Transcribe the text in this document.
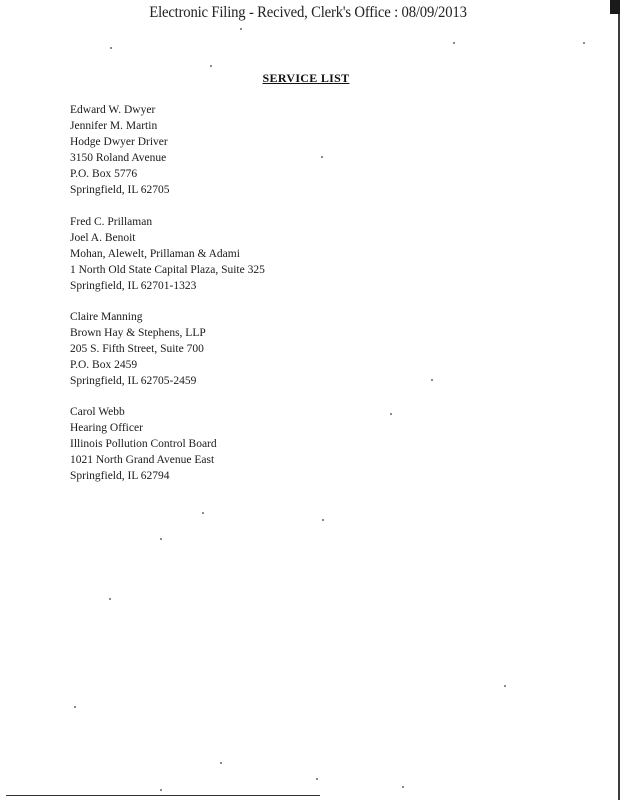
Electronic Filing - Recived, Clerk's Office : 08/09/2013
SERVICE LIST
Edward W. Dwyer
Jennifer M. Martin
Hodge Dwyer Driver
3150 Roland Avenue
P.O. Box 5776
Springfield, IL 62705
Fred C. Prillaman
Joel A. Benoit
Mohan, Alewelt, Prillaman & Adami
1 North Old State Capital Plaza, Suite 325
Springfield, IL 62701-1323
Claire Manning
Brown Hay & Stephens, LLP
205 S. Fifth Street, Suite 700
P.O. Box 2459
Springfield, IL 62705-2459
Carol Webb
Hearing Officer
Illinois Pollution Control Board
1021 North Grand Avenue East
Springfield, IL 62794
